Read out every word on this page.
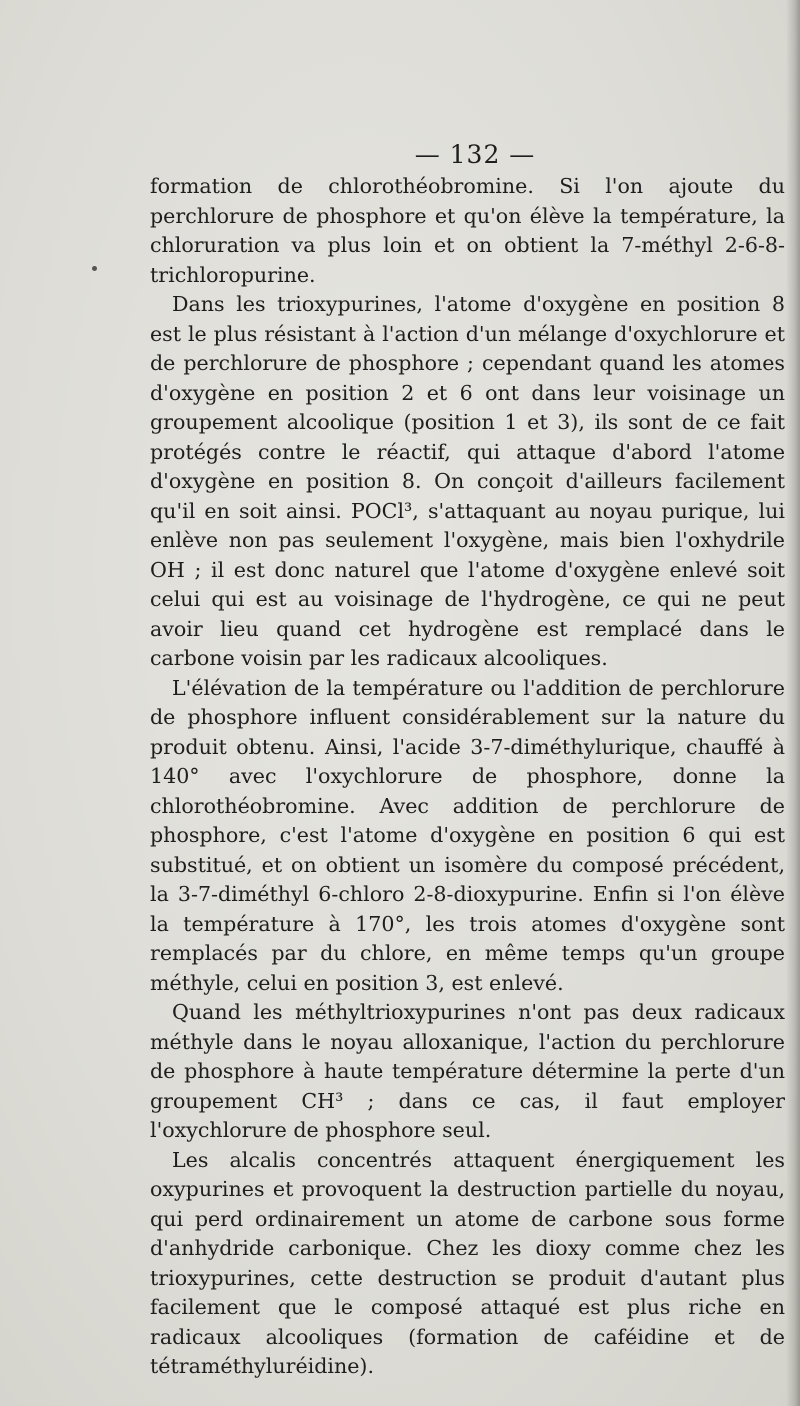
— 132 —

formation de chlorothéobromine. Si l'on ajoute du perchlorure de phosphore et qu'on élève la température, la chloruration va plus loin et on obtient la 7-méthyl 2-6-8-trichloropurine.

Dans les trioxypurines, l'atome d'oxygène en position 8 est le plus résistant à l'action d'un mélange d'oxychlorure et de perchlorure de phosphore ; cependant quand les atomes d'oxygène en position 2 et 6 ont dans leur voisinage un groupement alcoolique (position 1 et 3), ils sont de ce fait protégés contre le réactif, qui attaque d'abord l'atome d'oxygène en position 8. On conçoit d'ailleurs facilement qu'il en soit ainsi. POCl³, s'attaquant au noyau purique, lui enlève non pas seulement l'oxygène, mais bien l'oxhydrile OH ; il est donc naturel que l'atome d'oxygène enlevé soit celui qui est au voisinage de l'hydrogène, ce qui ne peut avoir lieu quand cet hydrogène est remplacé dans le carbone voisin par les radicaux alcooliques.

L'élévation de la température ou l'addition de perchlorure de phosphore influent considérablement sur la nature du produit obtenu. Ainsi, l'acide 3-7-diméthylurique, chauffé à 140° avec l'oxychlorure de phosphore, donne la chlorothéobromine. Avec addition de perchlorure de phosphore, c'est l'atome d'oxygène en position 6 qui est substitué, et on obtient un isomère du composé précédent, la 3-7-diméthyl 6-chloro 2-8-dioxypurine. Enfin si l'on élève la température à 170°, les trois atomes d'oxygène sont remplacés par du chlore, en même temps qu'un groupe méthyle, celui en position 3, est enlevé.

Quand les méthyltrioxypurines n'ont pas deux radicaux méthyle dans le noyau alloxanique, l'action du perchlorure de phosphore à haute température détermine la perte d'un groupement CH³ ; dans ce cas, il faut employer l'oxychlorure de phosphore seul.

Les alcalis concentrés attaquent énergiquement les oxypurines et provoquent la destruction partielle du noyau, qui perd ordinairement un atome de carbone sous forme d'anhydride carbonique. Chez les dioxy comme chez les trioxypurines, cette destruction se produit d'autant plus facilement que le composé attaqué est plus riche en radicaux alcooliques (formation de caféidine et de tétraméthyluréidine).
